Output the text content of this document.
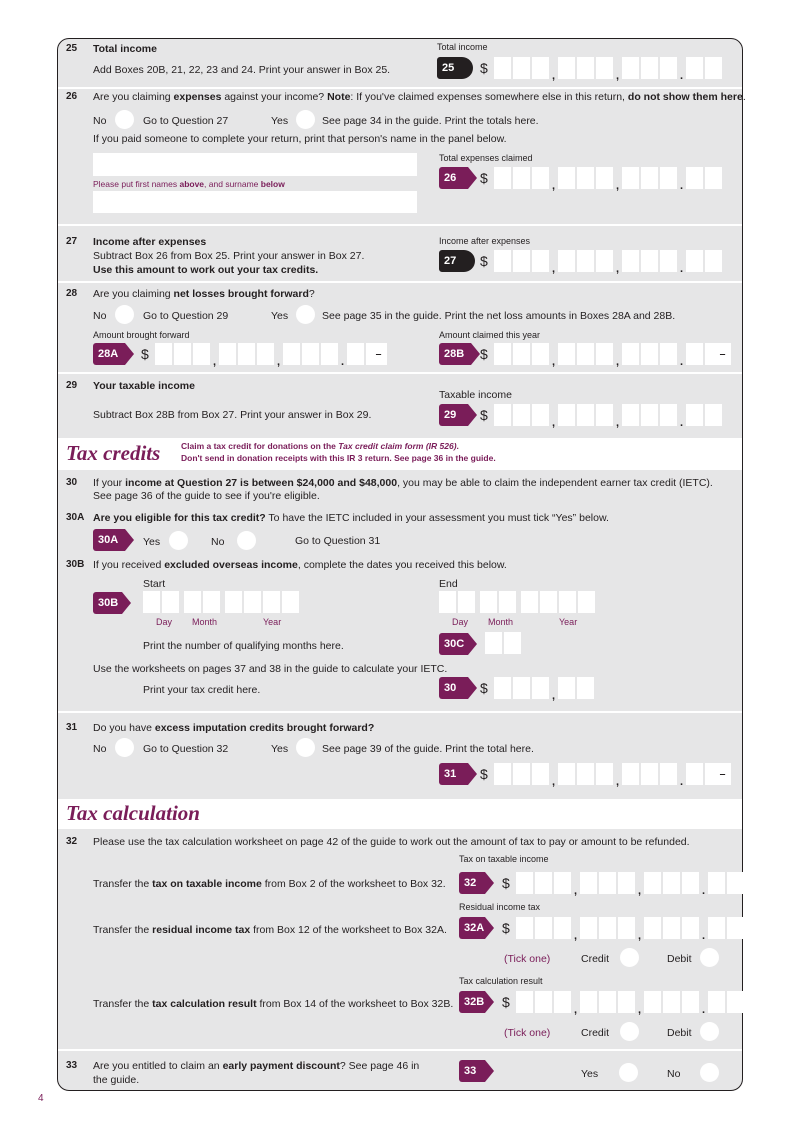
25 Total income
Add Boxes 20B, 21, 22, 23 and 24. Print your answer in Box 25.
Total income
25	$	,	,	.
26 Are you claiming expenses against your income? Note: If you've claimed expenses somewhere else in this return, do not show them here.
No	Go to Question 27	Yes	See page 34 in the guide. Print the totals here.
If you paid someone to complete your return, print that person's name in the panel below.
Please put first names above, and surname below
Total expenses claimed
26	$	,	,	.
27 Income after expenses
Subtract Box 26 from Box 25. Print your answer in Box 27.
Use this amount to work out your tax credits.
Income after expenses
27	$	,	,	.
28 Are you claiming net losses brought forward?
No	Go to Question 29	Yes	See page 35 in the guide. Print the net loss amounts in Boxes 28A and 28B.
Amount brought forward
28A	$	,	,	.
–
Amount claimed this year
28B	$	,	,	.
–
29 Your taxable income
Subtract Box 28B from Box 27. Print your answer in Box 29.
Taxable income
29	$	,	,	.
Tax credits Claim a tax credit for donations on the Tax credit claim form (IR 526).
Don't send in donation receipts with this IR 3 return. See page 36 in the guide.
30 If your income at Question 27 is between $24,000 and $48,000, you may be able to claim the independent earner tax credit (IETC).
See page 36 of the guide to see if you're eligible.
30A Are you eligible for this tax credit? To have the IETC included in your assessment you must tick “Yes” below.
30A	Yes	No	Go to Question 31
30B If you received excluded overseas income, complete the dates you received this below.
Start	End
30B
Day Month	Year	Day Month	Year
Print the number of qualifying months here.	30C
Use the worksheets on pages 37 and 38 in the guide to calculate your IETC.
Print your tax credit here.	30	$	,
31 Do you have excess imputation credits brought forward?
No	Go to Question 32	Yes	See page 39 of the guide. Print the total here.
31	$	,	,	.
–
Tax calculation
32 Please use the tax calculation worksheet on page 42 of the guide to work out the amount of tax to pay or amount to be refunded.
Tax on taxable income
Transfer the tax on taxable income from Box 2 of the worksheet to Box 32.	32	$	,	,	.
Residual income tax
Transfer the residual income tax from Box 12 of the worksheet to Box 32A.	32A $	,	,	.
(Tick one)	Credit	Debit
Tax calculation result
Transfer the tax calculation result from Box 14 of the worksheet to Box 32B. 32B $	,	,	.
(Tick one)	Credit	Debit
33 Are you entitled to claim an early payment discount? See page 46 in
the guide.
33	Yes	No
4
